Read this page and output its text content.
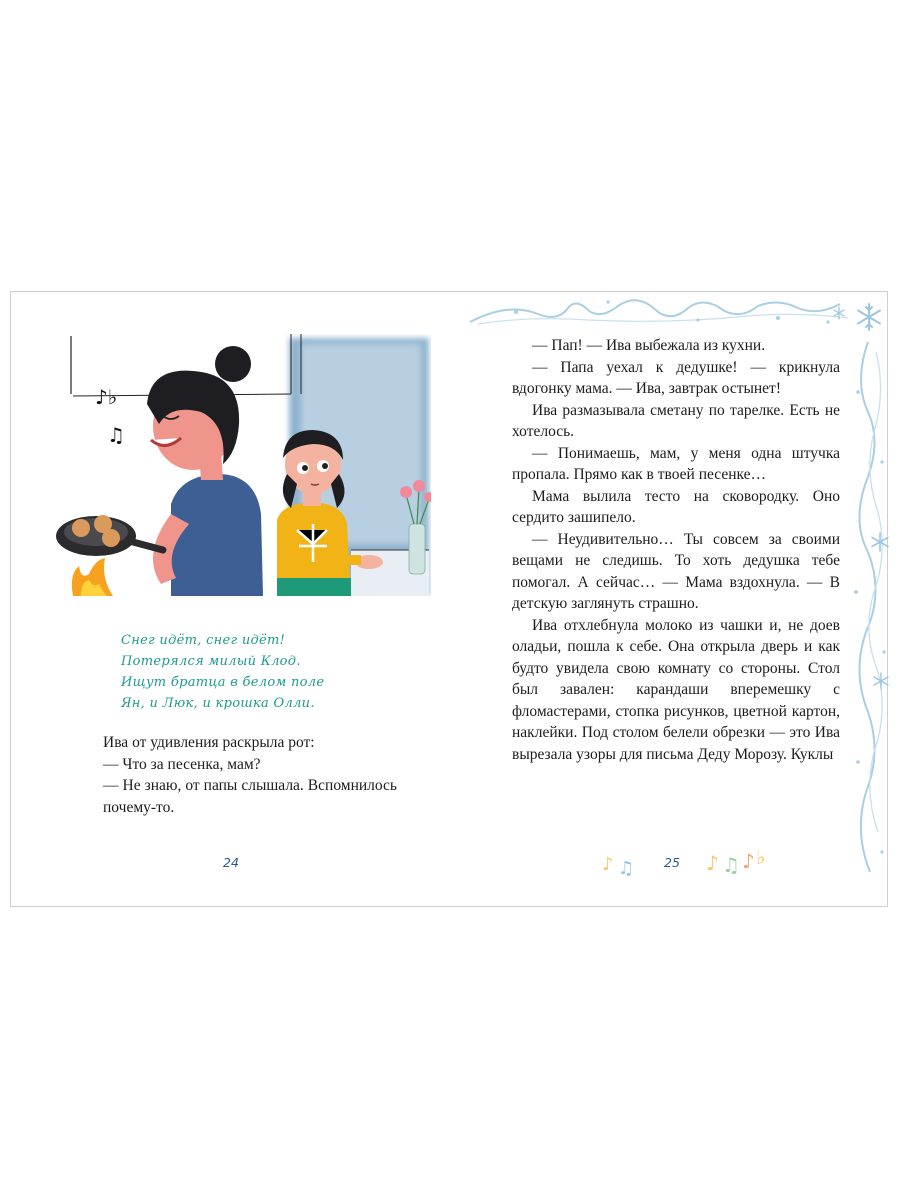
♪♭
♫
Снег идёт, снег идёт!
Потерялся милый Клод.
Ищут братца в белом поле
Ян, и Люк, и крошка Олли.

Ива от удивления раскрыла рот:

— Что за песенка, мам?

— Не знаю, от папы слышала. Вспомнилось почему-то.

24

— Пап! — Ива выбежала из кухни.

— Папа уехал к дедушке! — крикнула вдогонку мама. — Ива, завтрак остынет!

Ива размазывала сметану по тарелке. Есть не хотелось.

— Понимаешь, мам, у меня одна штучка пропала. Прямо как в твоей песенке…

Мама вылила тесто на сковородку. Оно сердито зашипело.

— Неудивительно… Ты совсем за своими вещами не следишь. То хоть дедушка тебе помогал. А сейчас… — Мама вздохнула. — В детскую заглянуть страшно.

Ива отхлебнула молоко из чашки и, не доев оладьи, пошла к себе. Она открыла дверь и как будто увидела свою комнату со стороны. Стол был завален: карандаши вперемешку с фломастерами, стопка рисунков, цветной картон, наклейки. Под столом белели обрезки — это Ива вырезала узоры для письма Деду Морозу. Куклы

♪ ♫ 25 ♪ ♫ ♪ ♭
